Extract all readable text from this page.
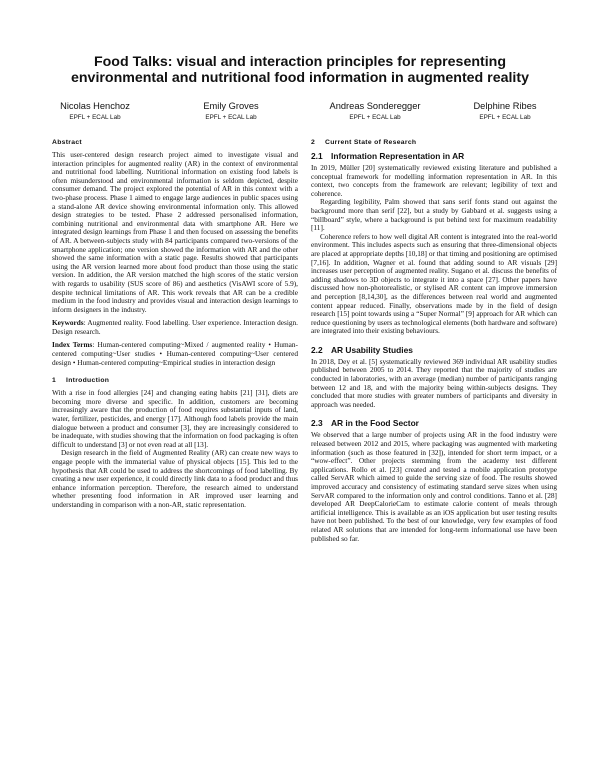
Food Talks: visual and interaction principles for representing
environmental and nutritional food information in augmented reality
Nicolas Henchoz
EPFL + ECAL Lab
Emily Groves
EPFL + ECAL Lab
Andreas Sonderegger
EPFL + ECAL Lab
Delphine Ribes
EPFL + ECAL Lab
Abstract

This user-centered design research project aimed to investigate visual and interaction principles for augmented reality (AR) in the context of environmental and nutritional food labelling. Nutritional information on existing food labels is often misunderstood and environmental information is seldom depicted, despite consumer demand. The project explored the potential of AR in this context with a two-phase process. Phase 1 aimed to engage large audiences in public spaces using a stand-alone AR device showing environmental information only. This allowed design strategies to be tested. Phase 2 addressed personalised information, combining nutritional and environmental data with smartphone AR. Here we integrated design learnings from Phase 1 and then focused on assessing the benefits of AR. A between-subjects study with 84 participants compared two-versions of the smartphone application; one version showed the information with AR and the other showed the same information with a static page. Results showed that participants using the AR version learned more about food product than those using the static version. In addition, the AR version matched the high scores of the static version with regards to usability (SUS score of 86) and aesthetics (VisAWI score of 5.9), despite technical limitations of AR. This work reveals that AR can be a credible medium in the food industry and provides visual and interaction design learnings to inform designers in the industry.

Keywords: Augmented reality. Food labelling. User experience. Interaction design. Design research.

Index Terms: Human-centered computing~Mixed / augmented reality • Human-centered computing~User studies • Human-centered computing~User centered design • Human-centered computing~Empirical studies in interaction design

1 Introduction

With a rise in food allergies [24] and changing eating habits [21] [31], diets are becoming more diverse and specific. In addition, customers are becoming increasingly aware that the production of food requires substantial inputs of land, water, fertilizer, pesticides, and energy [17]. Although food labels provide the main dialogue between a product and consumer [3], they are increasingly considered to be inadequate, with studies showing that the information on food packaging is often difficult to understand [3] or not even read at all [13].

Design research in the field of Augmented Reality (AR) can create new ways to engage people with the immaterial value of physical objects [15]. This led to the hypothesis that AR could be used to address the shortcomings of food labelling. By creating a new user experience, it could directly link data to a food product and thus enhance information perception. Therefore, the research aimed to understand whether presenting food information in AR improved user learning and understanding in comparison with a non-AR, static representation.

2 Current State of Research
2.1 Information Representation in AR

In 2019, Müller [20] systematically reviewed existing literature and published a conceptual framework for modelling information representation in AR. In this context, two concepts from the framework are relevant; legibility of text and coherence.

Regarding legibility, Palm showed that sans serif fonts stand out against the background more than serif [22], but a study by Gabbard et al. suggests using a “billboard” style, where a background is put behind text for maximum readability [11].

Coherence refers to how well digital AR content is integrated into the real-world environment. This includes aspects such as ensuring that three-dimensional objects are placed at appropriate depths [10,18] or that timing and positioning are optimised [7,16]. In addition, Wagner et al. found that adding sound to AR visuals [29] increases user perception of augmented reality. Sugano et al. discuss the benefits of adding shadows to 3D objects to integrate it into a space [27]. Other papers have discussed how non-photorealistic, or stylised AR content can improve immersion and perception [8,14,30], as the differences between real world and augmented content appear reduced. Finally, observations made by in the field of design research [15] point towards using a “Super Normal” [9] approach for AR which can reduce questioning by users as technological elements (both hardware and software) are integrated into their existing behaviours.

2.2 AR Usability Studies

In 2018, Dey et al. [5] systematically reviewed 369 individual AR usability studies published between 2005 to 2014. They reported that the majority of studies are conducted in laboratories, with an average (median) number of participants ranging between 12 and 18, and with the majority being within-subjects designs. They concluded that more studies with greater numbers of participants and diversity in approach was needed.

2.3 AR in the Food Sector

We observed that a large number of projects using AR in the food industry were released between 2012 and 2015, where packaging was augmented with marketing information (such as those featured in [32]), intended for short term impact, or a “wow-effect”. Other projects stemming from the academy test different applications. Rollo et al. [23] created and tested a mobile application prototype called ServAR which aimed to guide the serving size of food. The results showed improved accuracy and consistency of estimating standard serve sizes when using ServAR compared to the information only and control conditions. Tanno et al. [28] developed AR DeepCalorieCam to estimate calorie content of meals through artificial intelligence. This is available as an iOS application but user testing results have not been published. To the best of our knowledge, very few examples of food related AR solutions that are intended for long-term informational use have been published so far.
